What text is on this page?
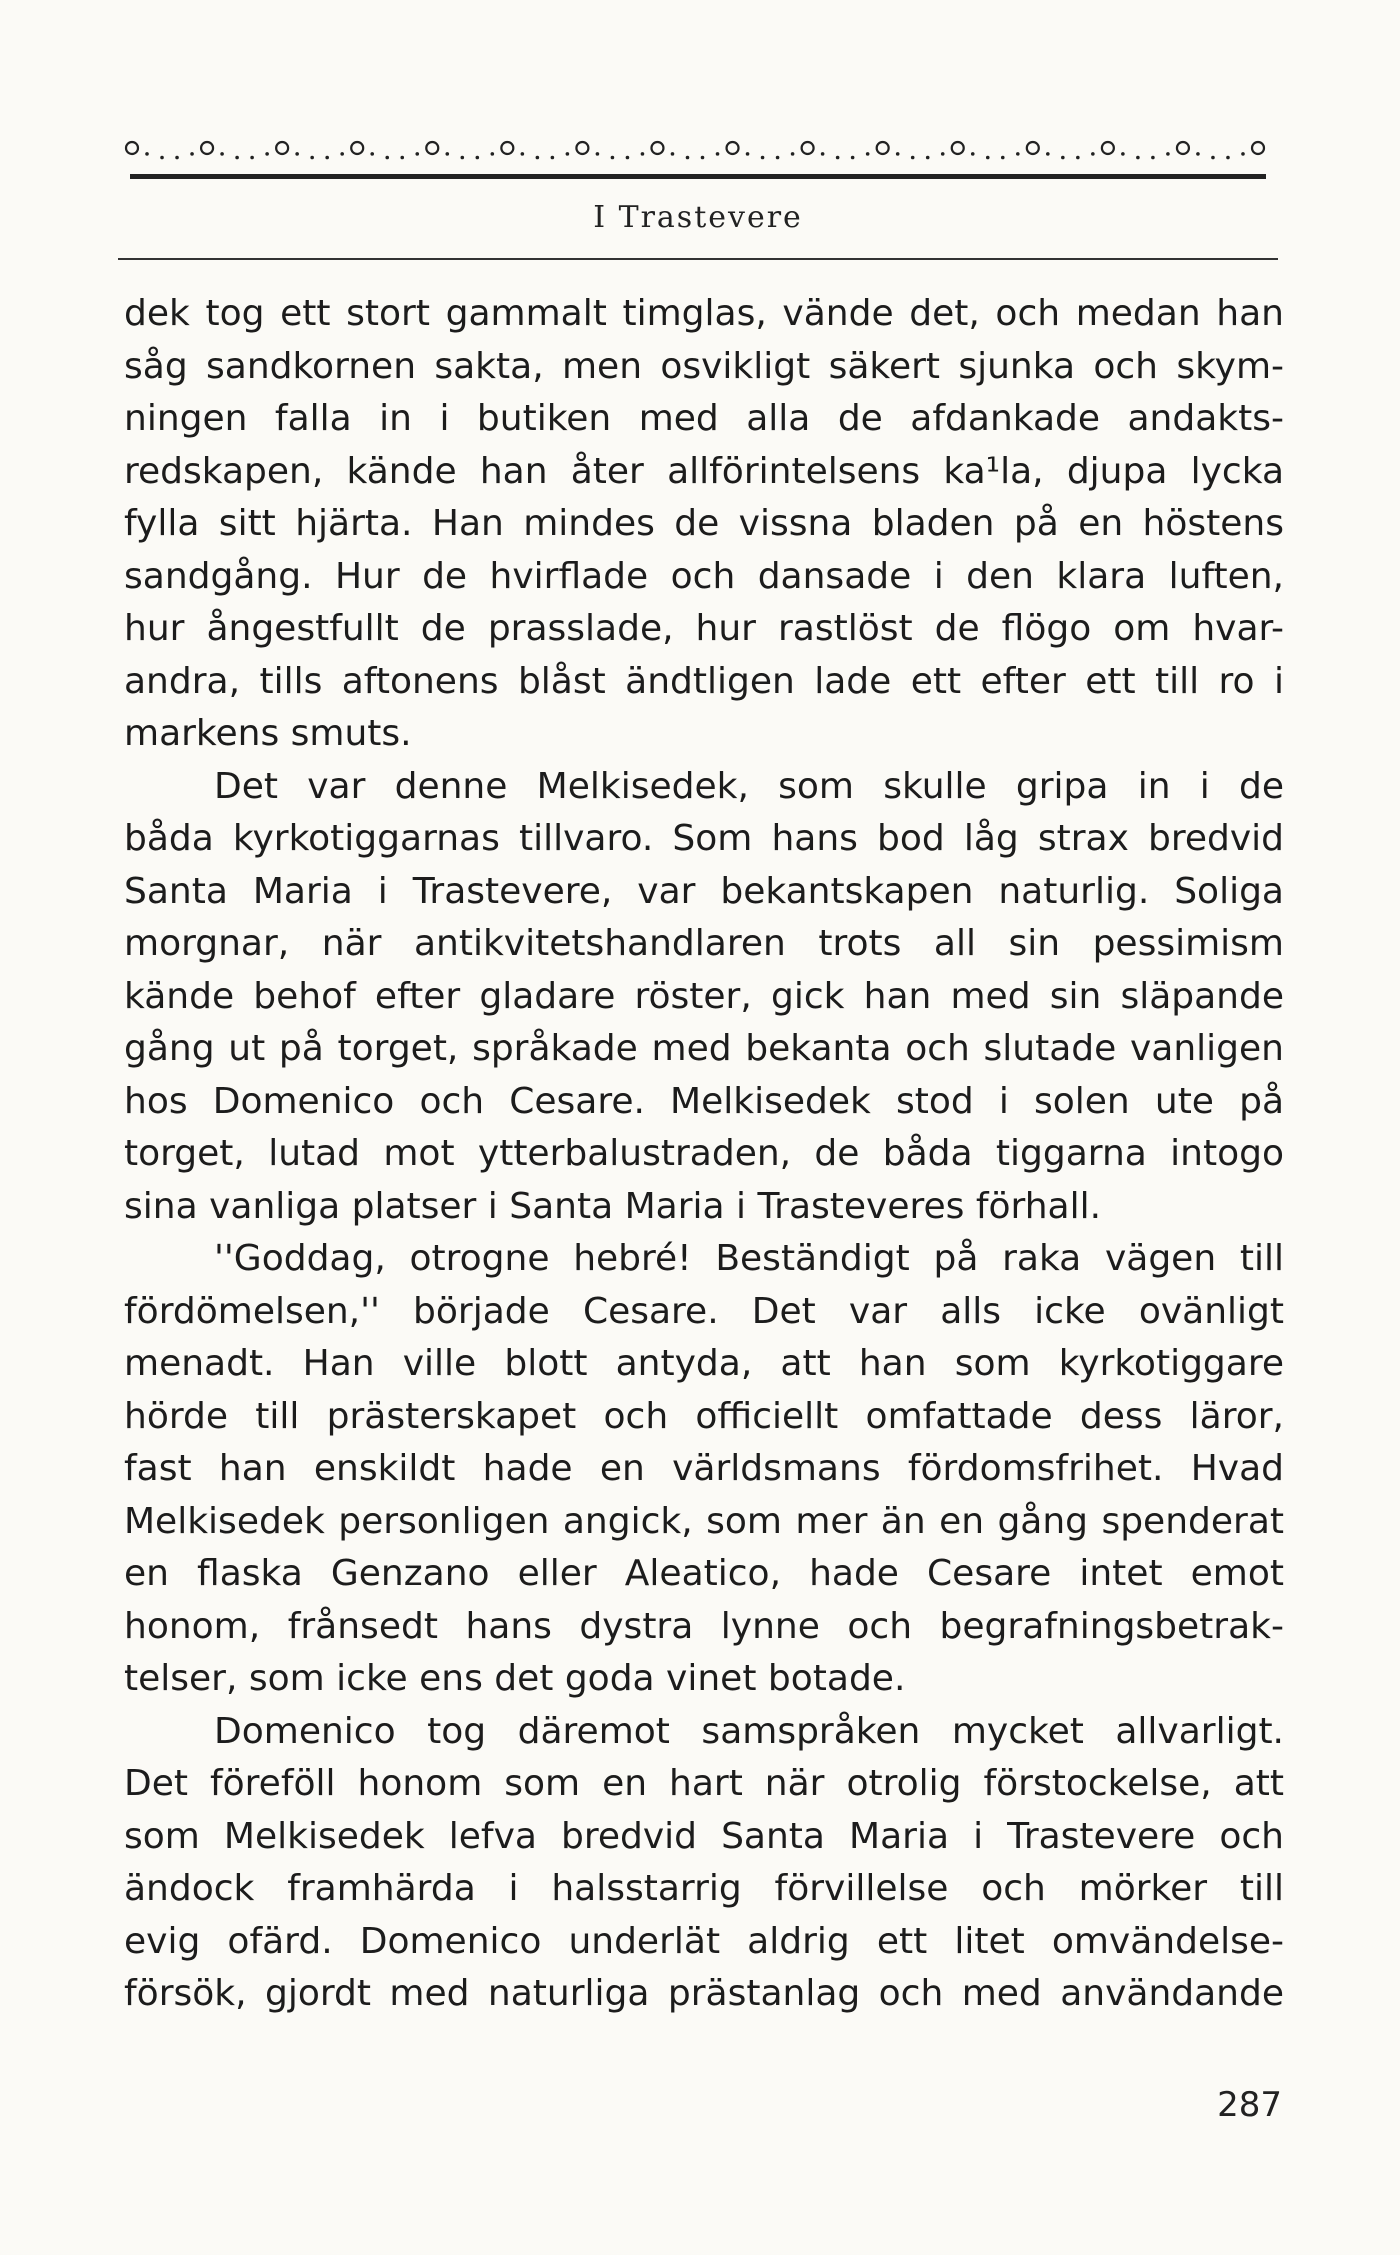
I Trastevere
dek tog ett stort gammalt timglas, vände det, och medan han
såg sandkornen sakta, men osvikligt säkert sjunka och skym-
ningen falla in i butiken med alla de afdankade andakts-
redskapen, kände han åter allförintelsens ka¹la, djupa lycka
fylla sitt hjärta. Han mindes de vissna bladen på en höstens
sandgång. Hur de hvirflade och dansade i den klara luften,
hur ångestfullt de prasslade, hur rastlöst de flögo om hvar-
andra, tills aftonens blåst ändtligen lade ett efter ett till ro i
markens smuts.
Det var denne Melkisedek, som skulle gripa in i de
båda kyrkotiggarnas tillvaro. Som hans bod låg strax bredvid
Santa Maria i Trastevere, var bekantskapen naturlig. Soliga
morgnar, när antikvitetshandlaren trots all sin pessimism
kände behof efter gladare röster, gick han med sin släpande
gång ut på torget, språkade med bekanta och slutade vanligen
hos Domenico och Cesare. Melkisedek stod i solen ute på
torget, lutad mot ytterbalustraden, de båda tiggarna intogo
sina vanliga platser i Santa Maria i Trasteveres förhall.
''Goddag, otrogne hebré! Beständigt på raka vägen till
fördömelsen,'' började Cesare. Det var alls icke ovänligt
menadt. Han ville blott antyda, att han som kyrkotiggare
hörde till prästerskapet och officiellt omfattade dess läror,
fast han enskildt hade en världsmans fördomsfrihet. Hvad
Melkisedek personligen angick, som mer än en gång spenderat
en flaska Genzano eller Aleatico, hade Cesare intet emot
honom, frånsedt hans dystra lynne och begrafningsbetrak-
telser, som icke ens det goda vinet botade.
Domenico tog däremot samspråken mycket allvarligt.
Det föreföll honom som en hart när otrolig förstockelse, att
som Melkisedek lefva bredvid Santa Maria i Trastevere och
ändock framhärda i halsstarrig förvillelse och mörker till
evig ofärd. Domenico underlät aldrig ett litet omvändelse-
försök, gjordt med naturliga prästanlag och med användande
287
